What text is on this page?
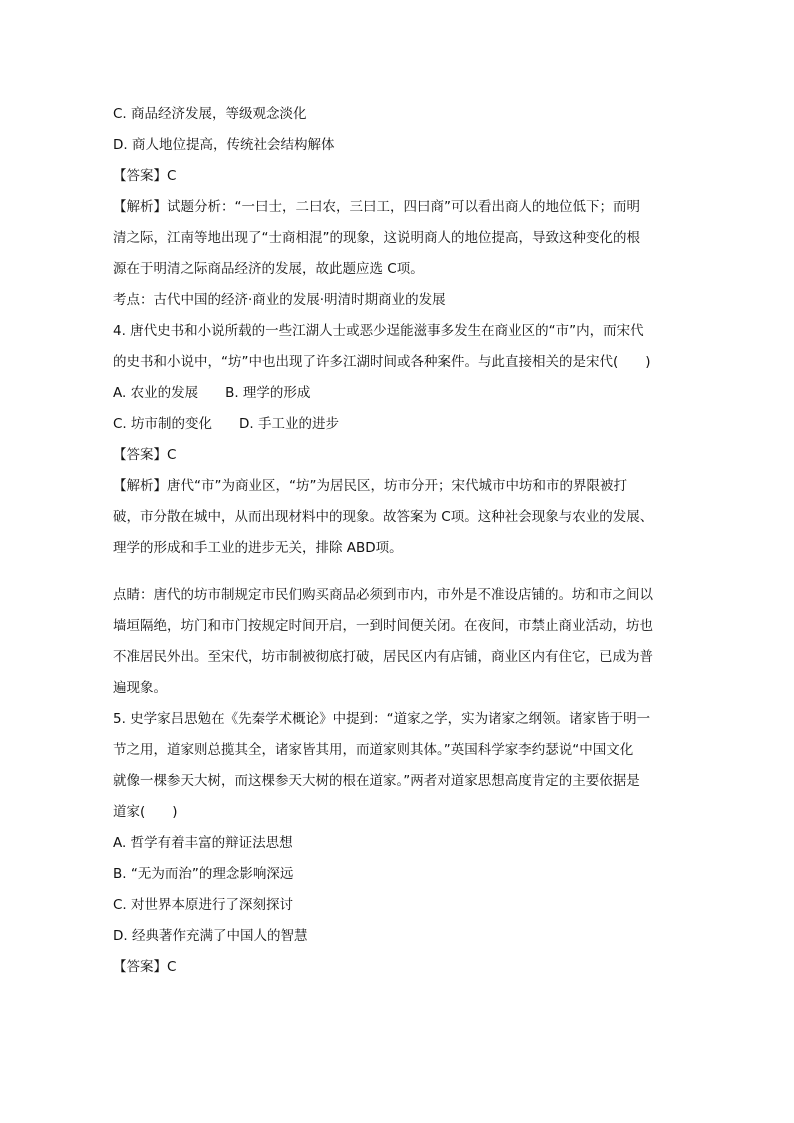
C. 商品经济发展，等级观念淡化
D. 商人地位提高，传统社会结构解体
【答案】C
【解析】试题分析：“一曰士，二曰农，三曰工，四曰商”可以看出商人的地位低下；而明
清之际，江南等地出现了“士商相混”的现象，这说明商人的地位提高，导致这种变化的根
源在于明清之际商品经济的发展，故此题应选 C项。
考点：古代中国的经济·商业的发展·明清时期商业的发展
4. 唐代史书和小说所载的一些江湖人士或恶少逞能滋事多发生在商业区的“市”内，而宋代
的史书和小说中，“坊”中也出现了许多江湖时间或各种案件。与此直接相关的是宋代(　　)
A. 农业的发展　　B. 理学的形成
C. 坊市制的变化　　D. 手工业的进步
【答案】C
【解析】唐代“市”为商业区，“坊”为居民区，坊市分开；宋代城市中坊和市的界限被打
破，市分散在城中，从而出现材料中的现象。故答案为 C项。这种社会现象与农业的发展、
理学的形成和手工业的进步无关，排除 ABD项。
点睛：唐代的坊市制规定市民们购买商品必须到市内，市外是不准设店铺的。坊和市之间以
墙垣隔绝，坊门和市门按规定时间开启，一到时间便关闭。在夜间，市禁止商业活动，坊也
不准居民外出。至宋代，坊市制被彻底打破，居民区内有店铺，商业区内有住它，已成为普
遍现象。
5. 史学家吕思勉在《先秦学术概论》中提到：“道家之学，实为诸家之纲领。诸家皆于明一
节之用，道家则总揽其全，诸家皆其用，而道家则其体。”英国科学家李约瑟说“中国文化
就像一棵参天大树，而这棵参天大树的根在道家。”两者对道家思想高度肯定的主要依据是
道家(　　)
A. 哲学有着丰富的辩证法思想
B. “无为而治”的理念影响深远
C. 对世界本原进行了深刻探讨
D. 经典著作充满了中国人的智慧
【答案】C
